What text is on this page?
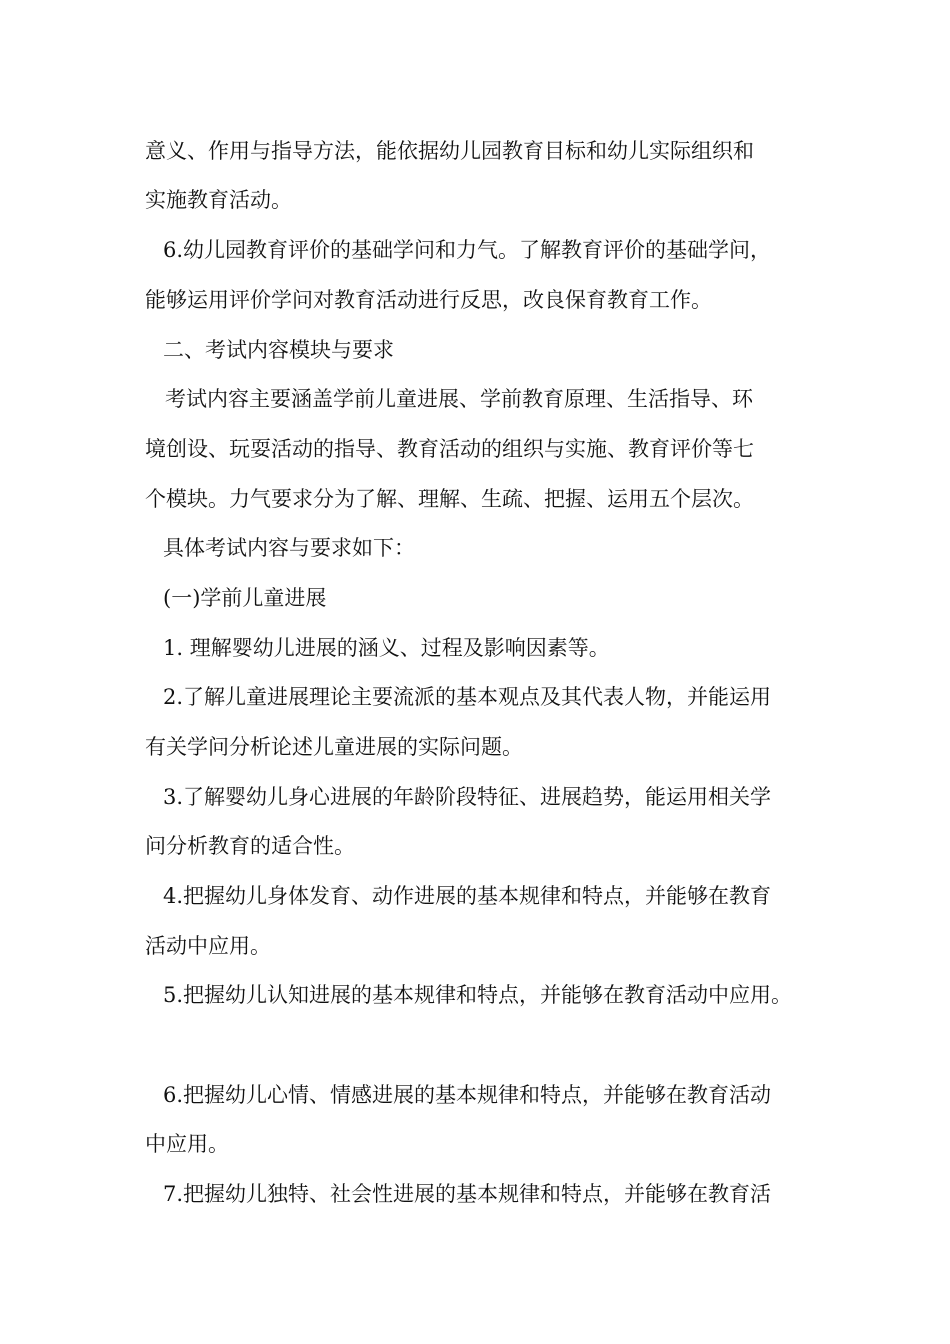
意义、作用与指导方法，能依据幼儿园教育目标和幼儿实际组织和
实施教育活动。
6.幼儿园教育评价的基础学问和力气。了解教育评价的基础学问，
能够运用评价学问对教育活动进行反思，改良保育教育工作。
二、考试内容模块与要求
考试内容主要涵盖学前儿童进展、学前教育原理、生活指导、环
境创设、玩耍活动的指导、教育活动的组织与实施、教育评价等七
个模块。力气要求分为了解、理解、生疏、把握、运用五个层次。
具体考试内容与要求如下：
(一)学前儿童进展
1. 理解婴幼儿进展的涵义、过程及影响因素等。
2.了解儿童进展理论主要流派的基本观点及其代表人物，并能运用
有关学问分析论述儿童进展的实际问题。
3.了解婴幼儿身心进展的年龄阶段特征、进展趋势，能运用相关学
问分析教育的适合性。
4.把握幼儿身体发育、动作进展的基本规律和特点，并能够在教育
活动中应用。
5.把握幼儿认知进展的基本规律和特点，并能够在教育活动中应用。
6.把握幼儿心情、情感进展的基本规律和特点，并能够在教育活动
中应用。
7.把握幼儿独特、社会性进展的基本规律和特点，并能够在教育活
